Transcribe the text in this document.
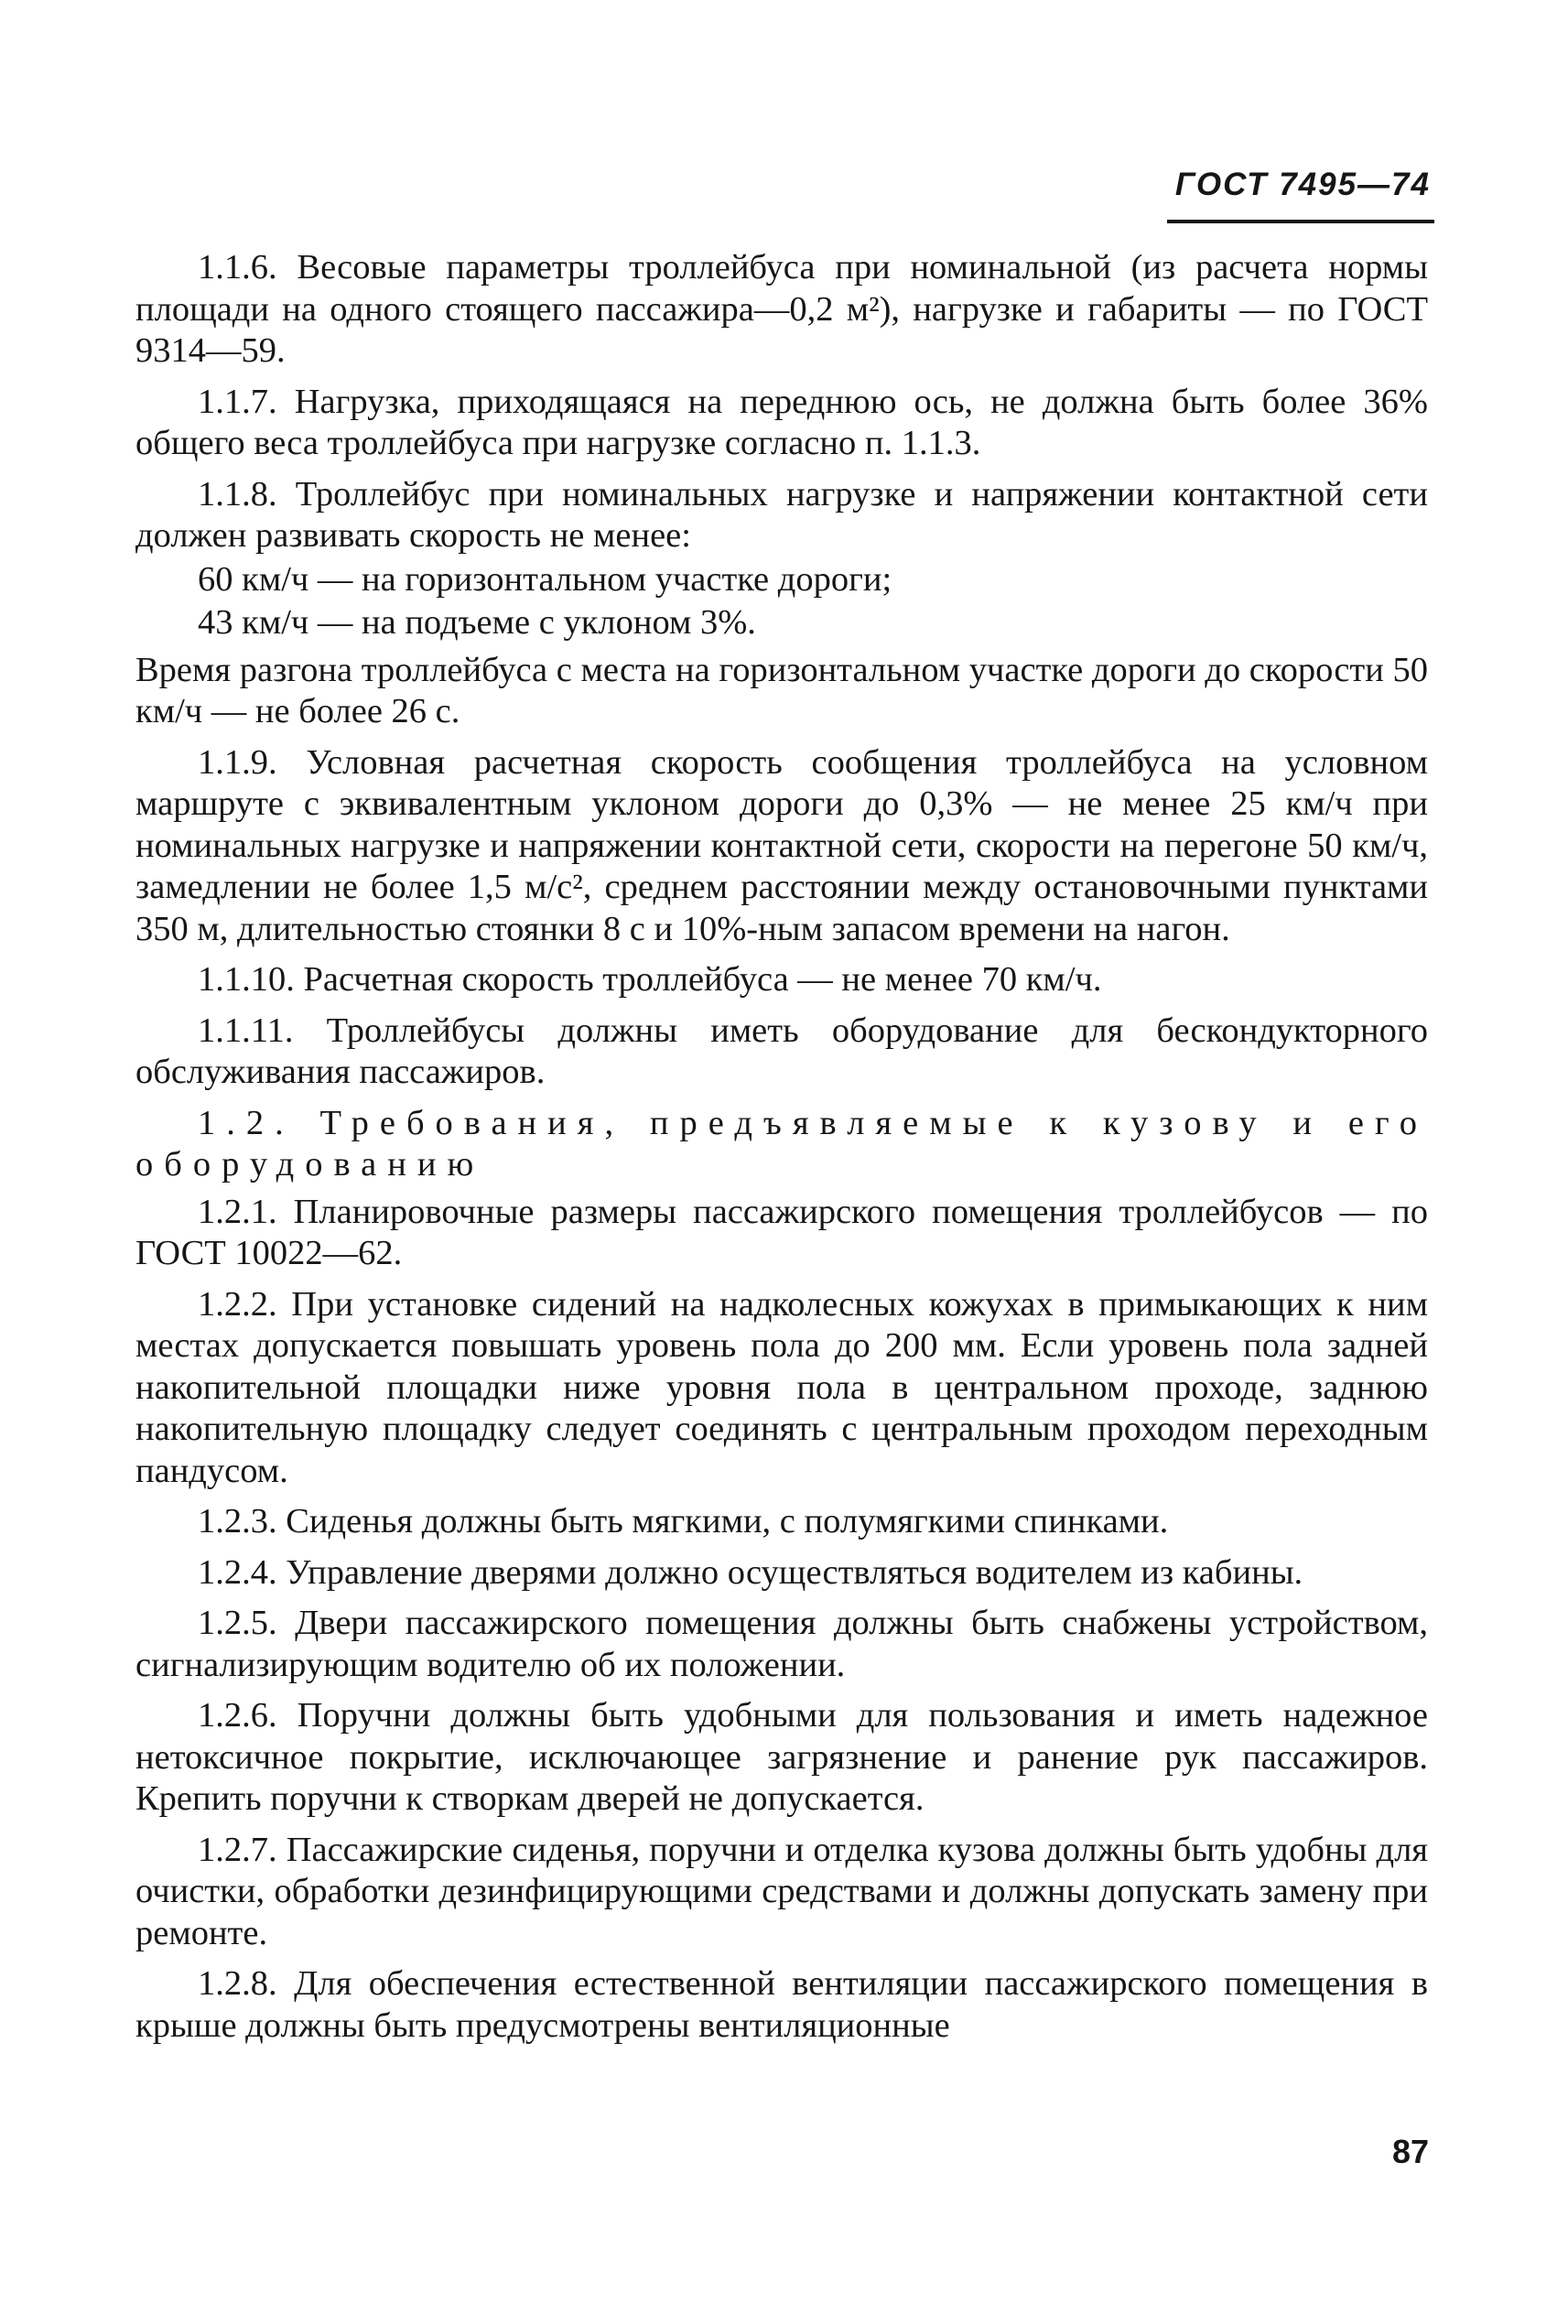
ГОСТ 7495—74

1.1.6. Весовые параметры троллейбуса при номинальной (из расчета нормы площади на одного стоящего пассажира—0,2 м²), нагрузке и габариты — по ГОСТ 9314—59.

1.1.7. Нагрузка, приходящаяся на переднюю ось, не должна быть более 36% общего веса троллейбуса при нагрузке согласно п. 1.1.3.

1.1.8. Троллейбус при номинальных нагрузке и напряжении контактной сети должен развивать скорость не менее:

60 км/ч — на горизонтальном участке дороги;

43 км/ч — на подъеме с уклоном 3%.

Время разгона троллейбуса с места на горизонтальном участке дороги до скорости 50 км/ч — не более 26 с.

1.1.9. Условная расчетная скорость сообщения троллейбуса на условном маршруте с эквивалентным уклоном дороги до 0,3% — не менее 25 км/ч при номинальных нагрузке и напряжении контактной сети, скорости на перегоне 50 км/ч, замедлении не более 1,5 м/с², среднем расстоянии между остановочными пунктами 350 м, длительностью стоянки 8 с и 10%-ным запасом времени на нагон.

1.1.10. Расчетная скорость троллейбуса — не менее 70 км/ч.

1.1.11. Троллейбусы должны иметь оборудование для бескондукторного обслуживания пассажиров.

1.2. Требования, предъявляемые к кузову и его оборудованию

1.2.1. Планировочные размеры пассажирского помещения троллейбусов — по ГОСТ 10022—62.

1.2.2. При установке сидений на надколесных кожухах в примыкающих к ним местах допускается повышать уровень пола до 200 мм. Если уровень пола задней накопительной площадки ниже уровня пола в центральном проходе, заднюю накопительную площадку следует соединять с центральным проходом переходным пандусом.

1.2.3. Сиденья должны быть мягкими, с полумягкими спинками.

1.2.4. Управление дверями должно осуществляться водителем из кабины.

1.2.5. Двери пассажирского помещения должны быть снабжены устройством, сигнализирующим водителю об их положении.

1.2.6. Поручни должны быть удобными для пользования и иметь надежное нетоксичное покрытие, исключающее загрязнение и ранение рук пассажиров. Крепить поручни к створкам дверей не допускается.

1.2.7. Пассажирские сиденья, поручни и отделка кузова должны быть удобны для очистки, обработки дезинфицирующими средствами и должны допускать замену при ремонте.

1.2.8. Для обеспечения естественной вентиляции пассажирского помещения в крыше должны быть предусмотрены вентиляционные

87
